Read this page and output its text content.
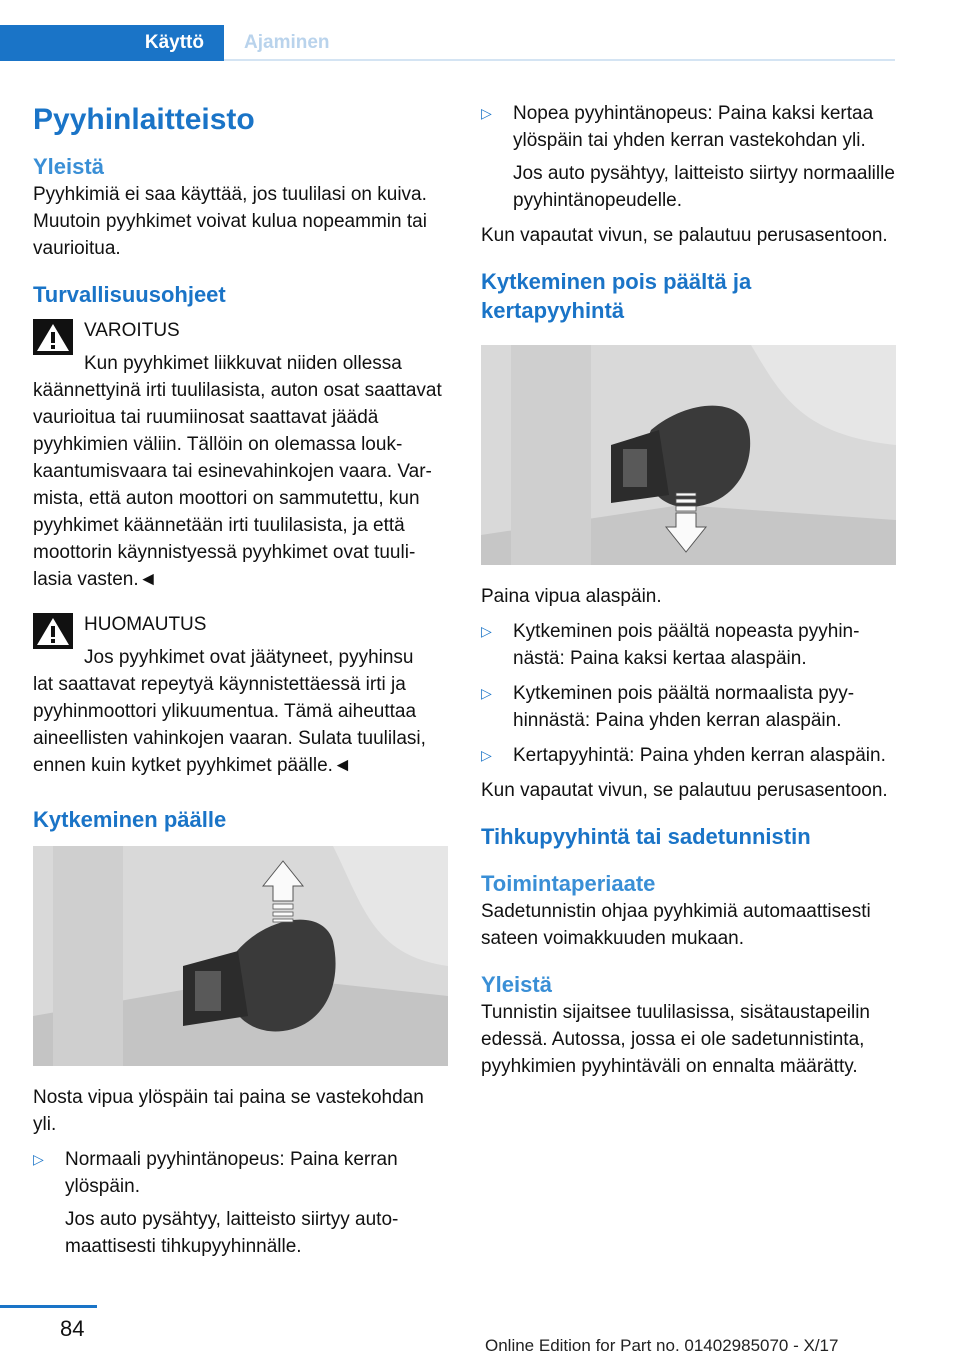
Käyttö	Ajaminen
Pyyhinlaitteisto
Yleistä

Pyyhkimiä ei saa käyttää, jos tuulilasi on kuiva. Muutoin pyyhkimet voivat kulua nopeammin tai vaurioitua.

Turvallisuusohjeet
VAROITUS
Kun pyyhkimet liikkuvat niiden ollessa

käännettyinä irti tuulilasista, auton osat saattavat vaurioitua tai ruumiinosat saattavat jäädä pyyhkimien väliin. Tällöin on olemassa loukkaantumisvaara tai esinevahinkojen vaara. Varmista, että auton moottori on sammutettu, kun pyyhkimet käännetään irti tuulilasista, ja että moottorin käynnistyessä pyyhkimet ovat tuulilasia vasten.◄

HUOMAUTUS
Jos pyyhkimet ovat jäätyneet, pyyhinsu

lat saattavat repeytyä käynnistettäessä irti ja pyyhinmoottori ylikuumentua. Tämä aiheuttaa aineellisten vahinkojen vaaran. Sulata tuulilasi, ennen kuin kytket pyyhkimet päälle.◄

Kytkeminen päälle

Nosta vipua ylöspäin tai paina se vastekohdan yli.

▷ Normaali pyyhintänopeus: Paina kerran ylöspäin.
Jos auto pysähtyy, laitteisto siirtyy automaattisesti tihkupyyhinnälle.
▷ Nopea pyyhintänopeus: Paina kaksi kertaa ylöspäin tai yhden kerran vastekohdan yli.
Jos auto pysähtyy, laitteisto siirtyy normaalille pyyhintänopeudelle.

Kun vapautat vivun, se palautuu perusasentoon.

Kytkeminen pois päältä ja kertapyyhintä

Paina vipua alaspäin.

▷ Kytkeminen pois päältä nopeasta pyyhinnästä: Paina kaksi kertaa alaspäin.
▷ Kytkeminen pois päältä normaalista pyyhinnästä: Paina yhden kerran alaspäin.
▷ Kertapyyhintä: Paina yhden kerran alaspäin.

Kun vapautat vivun, se palautuu perusasentoon.

Tihkupyyhintä tai sadetunnistin
Toimintaperiaate

Sadetunnistin ohjaa pyyhkimiä automaattisesti sateen voimakkuuden mukaan.

Yleistä

Tunnistin sijaitsee tuulilasissa, sisätaustapeilin edessä. Autossa, jossa ei ole sadetunnistinta, pyyhkimien pyyhintäväli on ennalta määrätty.

84
Online Edition for Part no. 01402985070 - X/17
